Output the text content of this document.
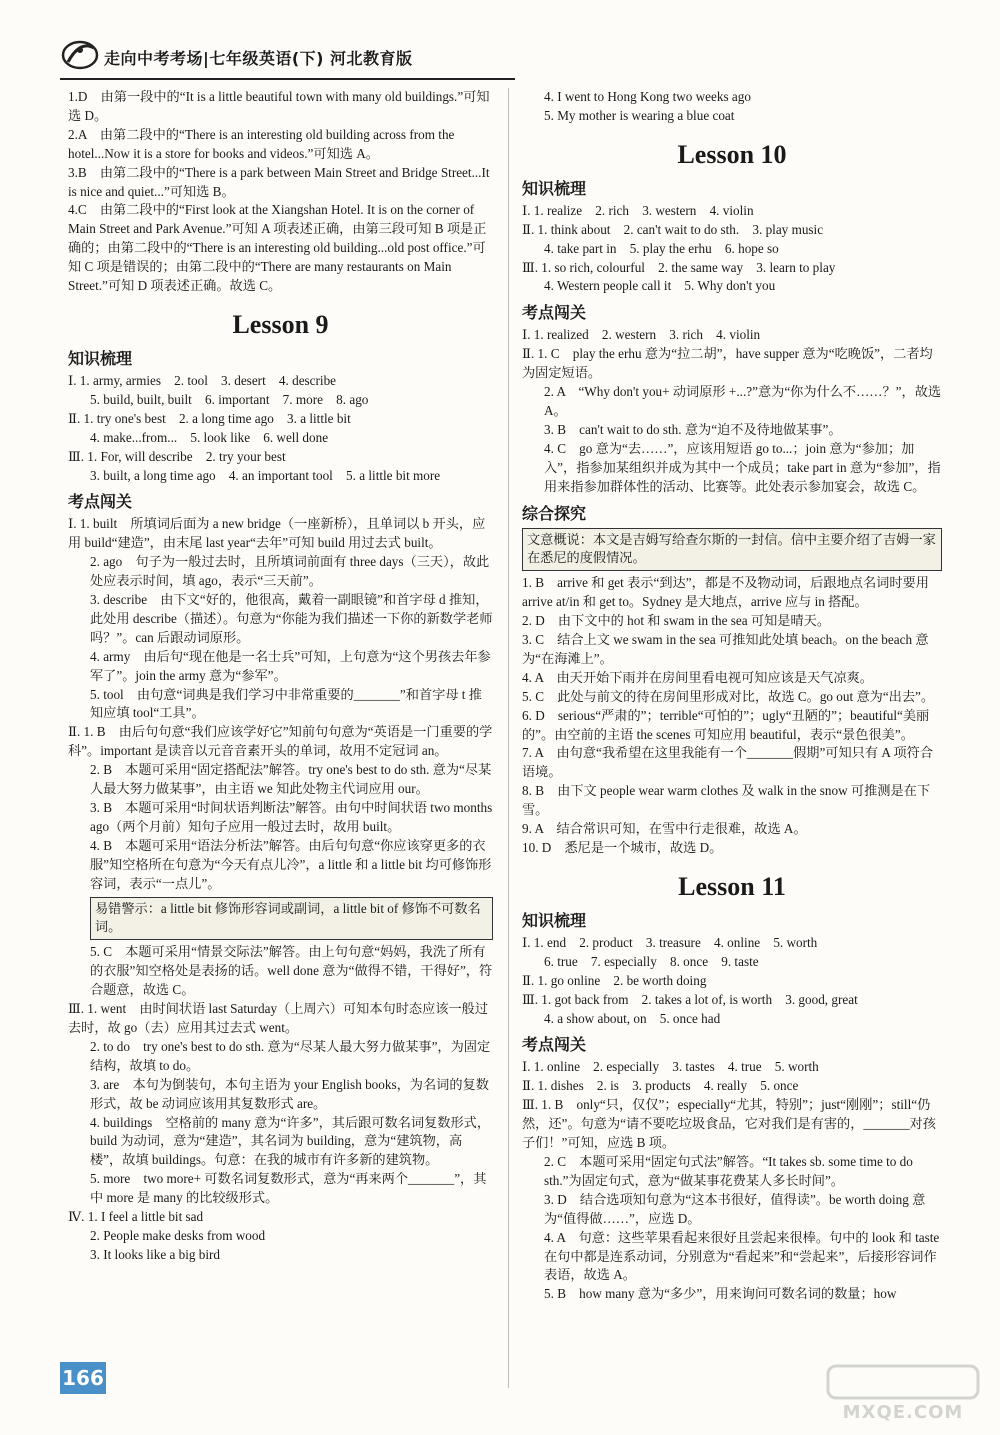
走向中考考场|七年级英语(下) 河北教育版
1.D　由第一段中的“It is a little beautiful town with many old buildings.”可知选 D。
2.A　由第二段中的“There is an interesting old building across from the hotel...Now it is a store for books and videos.”可知选 A。
3.B　由第二段中的“There is a park between Main Street and Bridge Street...It is nice and quiet...”可知选 B。
4.C　由第二段中的“First look at the Xiangshan Hotel. It is on the corner of Main Street and Park Avenue.”可知 A 项表述正确，由第三段可知 B 项是正确的；由第二段中的“There is an interesting old building...old post office.”可知 C 项是错误的；由第二段中的“There are many restaurants on Main Street.”可知 D 项表述正确。故选 C。
Lesson 9
知识梳理
Ⅰ. 1. army, armies　2. tool　3. desert　4. describe
5. build, built, built　6. important　7. more　8. ago
Ⅱ. 1. try one's best　2. a long time ago　3. a little bit
4. make...from...　5. look like　6. well done
Ⅲ. 1. For, will describe　2. try your best
3. built, a long time ago　4. an important tool　5. a little bit more
考点闯关
Ⅰ. 1. built　所填词后面为 a new bridge（一座新桥），且单词以 b 开头，应用 build“建造”，由末尾 last year“去年”可知 build 用过去式 built。
2. ago　句子为一般过去时，且所填词前面有 three days（三天），故此处应表示时间，填 ago，表示“三天前”。
3. describe　由下文“好的，他很高，戴着一副眼镜”和首字母 d 推知，此处用 describe（描述）。句意为“你能为我们描述一下你的新数学老师吗？”。can 后跟动词原形。
4. army　由后句“现在他是一名士兵”可知，上句意为“这个男孩去年参军了”。join the army 意为“参军”。
5. tool　由句意“词典是我们学习中非常重要的_______”和首字母 t 推知应填 tool“工具”。
Ⅱ. 1. B　由后句句意“我们应该学好它”知前句句意为“英语是一门重要的学科”。important 是读音以元音音素开头的单词，故用不定冠词 an。
2. B　本题可采用“固定搭配法”解答。try one's best to do sth. 意为“尽某人最大努力做某事”，由主语 we 知此处物主代词应用 our。
3. B　本题可采用“时间状语判断法”解答。由句中时间状语 two months ago（两个月前）知句子应用一般过去时，故用 built。
4. B　本题可采用“语法分析法”解答。由后句句意“你应该穿更多的衣服”知空格所在句意为“今天有点儿冷”，a little 和 a little bit 均可修饰形容词，表示“一点儿”。
易错警示：a little bit 修饰形容词或副词，a little bit of 修饰不可数名词。
5. C　本题可采用“情景交际法”解答。由上句句意“妈妈，我洗了所有的衣服”知空格处是表扬的话。well done 意为“做得不错，干得好”，符合题意，故选 C。
Ⅲ. 1. went　由时间状语 last Saturday（上周六）可知本句时态应该一般过去时，故 go（去）应用其过去式 went。
2. to do　try one's best to do sth. 意为“尽某人最大努力做某事”，为固定结构，故填 to do。
3. are　本句为倒装句，本句主语为 your English books，为名词的复数形式，故 be 动词应该用其复数形式 are。
4. buildings　空格前的 many 意为“许多”，其后跟可数名词复数形式，build 为动词，意为“建造”，其名词为 building，意为“建筑物，高楼”，故填 buildings。句意：在我的城市有许多新的建筑物。
5. more　two more+ 可数名词复数形式，意为“再来两个_______”，其中 more 是 many 的比较级形式。
Ⅳ. 1. I feel a little bit sad
2. People make desks from wood
3. It looks like a big bird
4. I went to Hong Kong two weeks ago
5. My mother is wearing a blue coat
Lesson 10
知识梳理
Ⅰ. 1. realize　2. rich　3. western　4. violin
Ⅱ. 1. think about　2. can't wait to do sth.　3. play music
4. take part in　5. play the erhu　6. hope so
Ⅲ. 1. so rich, colourful　2. the same way　3. learn to play
4. Western people call it　5. Why don't you
考点闯关
Ⅰ. 1. realized　2. western　3. rich　4. violin
Ⅱ. 1. C　play the erhu 意为“拉二胡”，have supper 意为“吃晚饭”，二者均为固定短语。
2. A　“Why don't you+ 动词原形 +...?”意为“你为什么不……？”，故选 A。
3. B　can't wait to do sth. 意为“迫不及待地做某事”。
4. C　go 意为“去……”，应该用短语 go to...；join 意为“参加；加入”，指参加某组织并成为其中一个成员；take part in 意为“参加”，指用来指参加群体性的活动、比赛等。此处表示参加宴会，故选 C。
综合探究
文意概说：本文是吉姆写给查尔斯的一封信。信中主要介绍了吉姆一家在悉尼的度假情况。
1. B　arrive 和 get 表示“到达”，都是不及物动词，后跟地点名词时要用 arrive at/in 和 get to。Sydney 是大地点，arrive 应与 in 搭配。
2. D　由下文中的 hot 和 swam in the sea 可知是晴天。
3. C　结合上文 we swam in the sea 可推知此处填 beach。on the beach 意为“在海滩上”。
4. A　由天开始下雨并在房间里看电视可知应该是天气凉爽。
5. C　此处与前文的待在房间里形成对比，故选 C。go out 意为“出去”。
6. D　serious“严肃的”；terrible“可怕的”；ugly“丑陋的”；beautiful“美丽的”。由空前的主语 the scenes 可知应用 beautiful，表示“景色很美”。
7. A　由句意“我希望在这里我能有一个_______假期”可知只有 A 项符合语境。
8. B　由下文 people wear warm clothes 及 walk in the snow 可推测是在下雪。
9. A　结合常识可知，在雪中行走很难，故选 A。
10. D　悉尼是一个城市，故选 D。
Lesson 11
知识梳理
Ⅰ. 1. end　2. product　3. treasure　4. online　5. worth
6. true　7. especially　8. once　9. taste
Ⅱ. 1. go online　2. be worth doing
Ⅲ. 1. got back from　2. takes a lot of, is worth　3. good, great
4. a show about, on　5. once had
考点闯关
Ⅰ. 1. online　2. especially　3. tastes　4. true　5. worth
Ⅱ. 1. dishes　2. is　3. products　4. really　5. once
Ⅲ. 1. B　only“只，仅仅”；especially“尤其，特别”；just“刚刚”；still“仍然，还”。句意为“请不要吃垃圾食品，它对我们是有害的，_______对孩子们！”可知，应选 B 项。
2. C　本题可采用“固定句式法”解答。“It takes sb. some time to do sth.”为固定句式，意为“做某事花费某人多长时间”。
3. D　结合选项知句意为“这本书很好，值得读”。be worth doing 意为“值得做……”，应选 D。
4. A　句意：这些苹果看起来很好且尝起来很棒。句中的 look 和 taste 在句中都是连系动词，分别意为“看起来”和“尝起来”，后接形容词作表语，故选 A。
5. B　how many 意为“多少”，用来询问可数名词的数量；how
166
MXQE.COM
